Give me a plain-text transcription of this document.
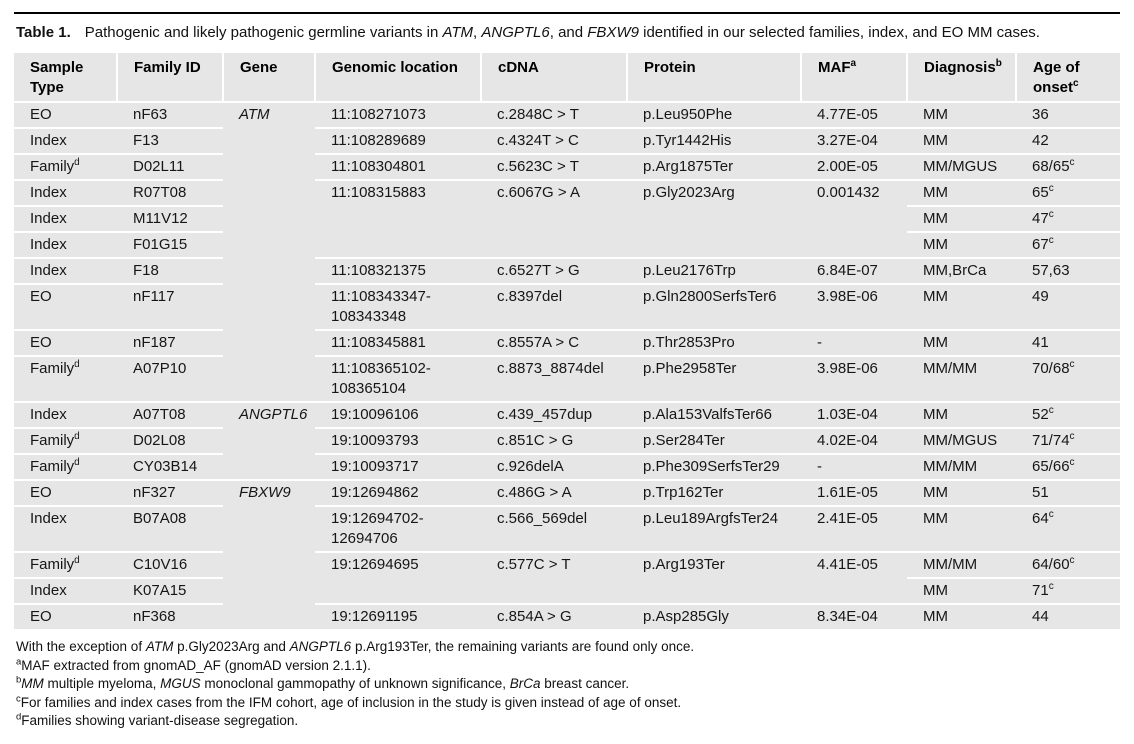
Table 1. Pathogenic and likely pathogenic germline variants in ATM, ANGPTL6, and FBXW9 identified in our selected families, index, and EO MM cases.
Sample Type	Family ID	Gene	Genomic location	cDNA	Protein	MAF$^a$	Diagnosis$^b$	Age of onset$^c$
EO	nF63	ATM	11:108271073	c.2848C > T	p.Leu950Phe	4.77E-05	MM	36
Index	F13		11:108289689	c.4324T > C	p.Tyr1442His	3.27E-04	MM	42
Family$^d$	D02L11		11:108304801	c.5623C > T	p.Arg1875Ter	2.00E-05	MM/MGUS	68/65$^c$
Index	R07T08		11:108315883	c.6067G > A	p.Gly2023Arg	0.001432	MM	65$^c$
Index	M11V12						MM	47$^c$
Index	F01G15						MM	67$^c$
Index	F18		11:108321375	c.6527T > G	p.Leu2176Trp	6.84E-07	MM,BrCa	57,63
EO	nF117		11:108343347-108343348	c.8397del	p.Gln2800SerfsTer6	3.98E-06	MM	49
EO	nF187		11:108345881	c.8557A > C	p.Thr2853Pro	-	MM	41
Family$^d$	A07P10		11:108365102-108365104	c.8873_8874del	p.Phe2958Ter	3.98E-06	MM/MM	70/68$^c$
Index	A07T08	ANGPTL6	19:10096106	c.439_457dup	p.Ala153ValfsTer66	1.03E-04	MM	52$^c$
Family$^d$	D02L08		19:10093793	c.851C > G	p.Ser284Ter	4.02E-04	MM/MGUS	71/74$^c$
Family$^d$	CY03B14		19:10093717	c.926delA	p.Phe309SerfsTer29	-	MM/MM	65/66$^c$
EO	nF327	FBXW9	19:12694862	c.486G > A	p.Trp162Ter	1.61E-05	MM	51
Index	B07A08		19:12694702-12694706	c.566_569del	p.Leu189ArgfsTer24	2.41E-05	MM	64$^c$
Family$^d$	C10V16		19:12694695	c.577C > T	p.Arg193Ter	4.41E-05	MM/MM	64/60$^c$
Index	K07A15						MM	71$^c$
EO	nF368		19:12691195	c.854A > G	p.Asp285Gly	8.34E-04	MM	44
With the exception of ATM p.Gly2023Arg and ANGPTL6 p.Arg193Ter, the remaining variants are found only once.
$^a$MAF extracted from gnomAD_AF (gnomAD version 2.1.1).
$^b$MM multiple myeloma, MGUS monoclonal gammopathy of unknown significance, BrCa breast cancer.
$^c$For families and index cases from the IFM cohort, age of inclusion in the study is given instead of age of onset.
$^d$Families showing variant-disease segregation.
